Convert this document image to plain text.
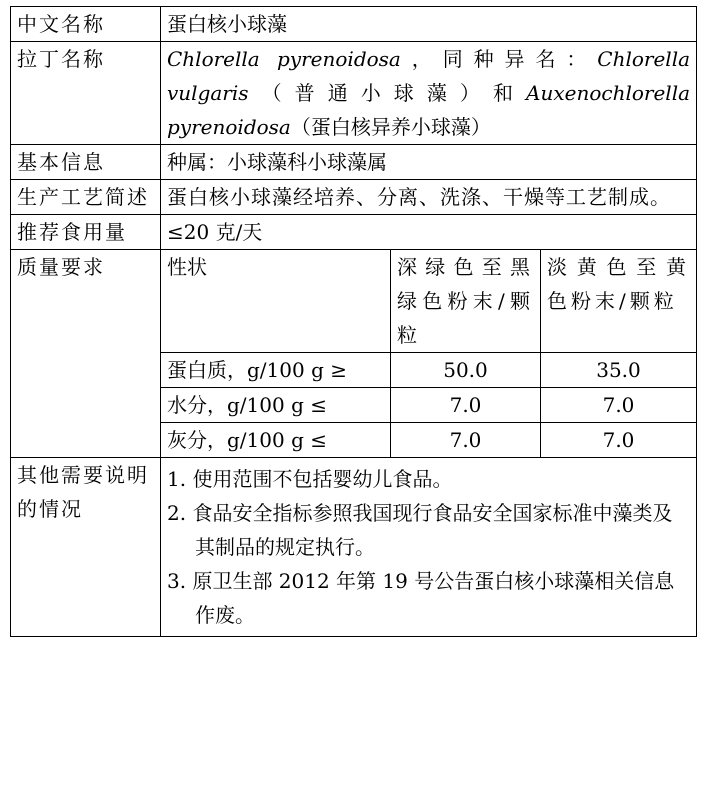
中文名称	蛋白核小球藻		
拉丁名称	Chlorella pyrenoidosa，同种异名：Chlorella vulgaris（普通小球藻）和Auxenochlorella pyrenoidosa（蛋白核异养小球藻）		
基本信息	种属：小球藻科小球藻属		
生产工艺简述	蛋白核小球藻经培养、分离、洗涤、干燥等工艺制成。		
推荐食用量	≤20 克/天		
质量要求	性状	深绿色至黑绿色粉末/颗粒	淡黄色至黄色粉末/颗粒
	蛋白质，g/100 g ≥	50.0	35.0
	水分，g/100 g ≤	7.0	7.0
	灰分，g/100 g ≤	7.0	7.0
其他需要说明的情况	1. 使用范围不包括婴幼儿食品。
2. 食品安全指标参照我国现行食品安全国家标准中藻类及其制品的规定执行。
3. 原卫生部 2012 年第 19 号公告蛋白核小球藻相关信息作废。		
